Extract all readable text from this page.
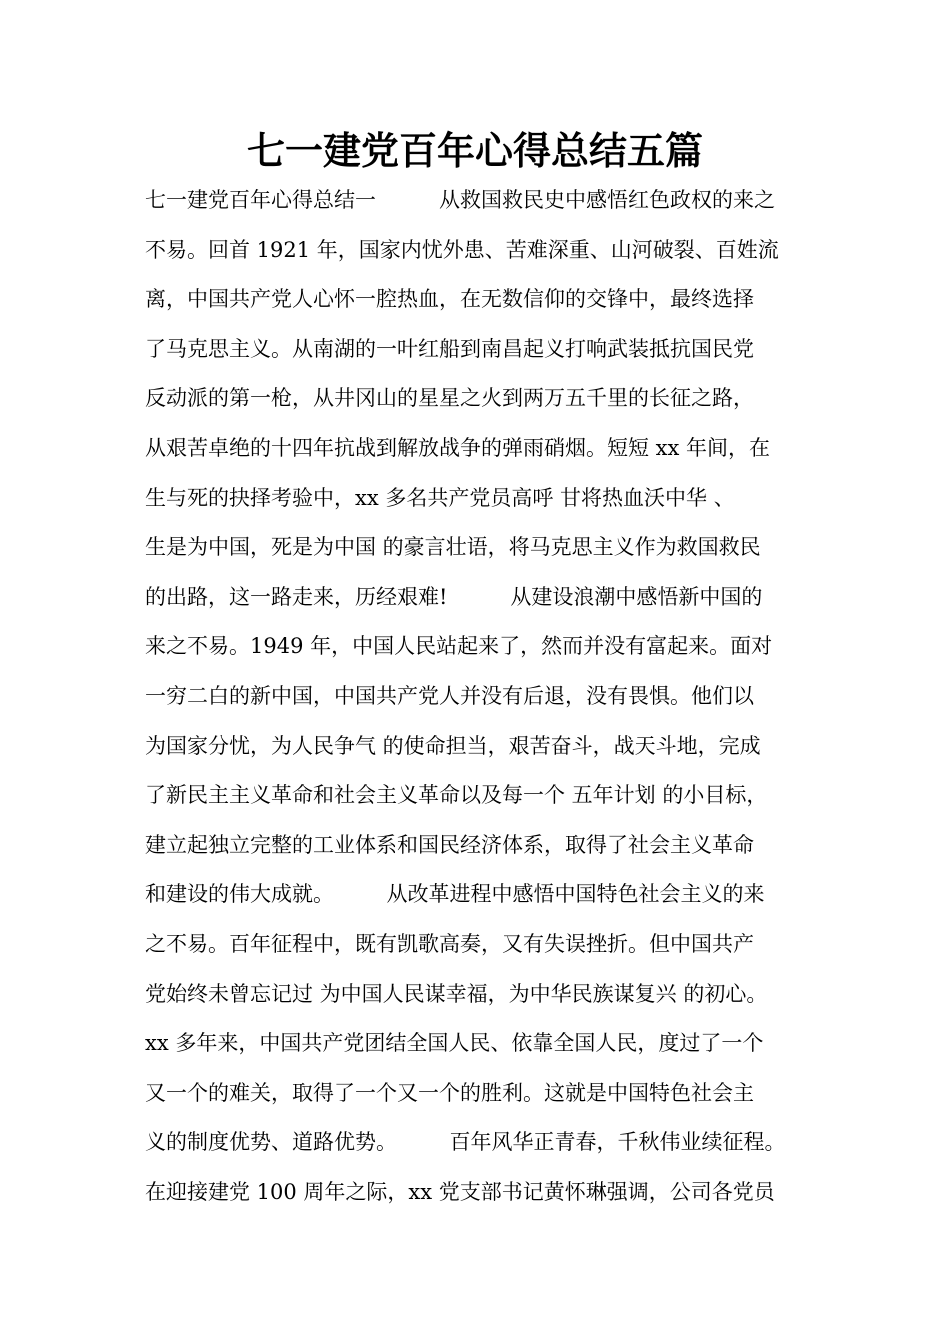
七一建党百年心得总结五篇
七一建党百年心得总结一　　　从救国救民史中感悟红色政权的来之
不易。回首 1921 年，国家内忧外患、苦难深重、山河破裂、百姓流
离，中国共产党人心怀一腔热血，在无数信仰的交锋中，最终选择
了马克思主义。从南湖的一叶红船到南昌起义打响武装抵抗国民党
反动派的第一枪，从井冈山的星星之火到两万五千里的长征之路，
从艰苦卓绝的十四年抗战到解放战争的弹雨硝烟。短短 xx 年间，在
生与死的抉择考验中，xx 多名共产党员高呼 甘将热血沃中华 、
生是为中国，死是为中国 的豪言壮语，将马克思主义作为救国救民
的出路，这一路走来，历经艰难!　　　从建设浪潮中感悟新中国的
来之不易。1949 年，中国人民站起来了，然而并没有富起来。面对
一穷二白的新中国，中国共产党人并没有后退，没有畏惧。他们以
为国家分忧，为人民争气 的使命担当，艰苦奋斗，战天斗地，完成
了新民主主义革命和社会主义革命以及每一个 五年计划 的小目标，
建立起独立完整的工业体系和国民经济体系，取得了社会主义革命
和建设的伟大成就。　　　从改革进程中感悟中国特色社会主义的来
之不易。百年征程中，既有凯歌高奏，又有失误挫折。但中国共产
党始终未曾忘记过 为中国人民谋幸福，为中华民族谋复兴 的初心。
xx 多年来，中国共产党团结全国人民、依靠全国人民，度过了一个
又一个的难关，取得了一个又一个的胜利。这就是中国特色社会主
义的制度优势、道路优势。　　　百年风华正青春，千秋伟业续征程。
在迎接建党 100 周年之际，xx 党支部书记黄怀琳强调，公司各党员
